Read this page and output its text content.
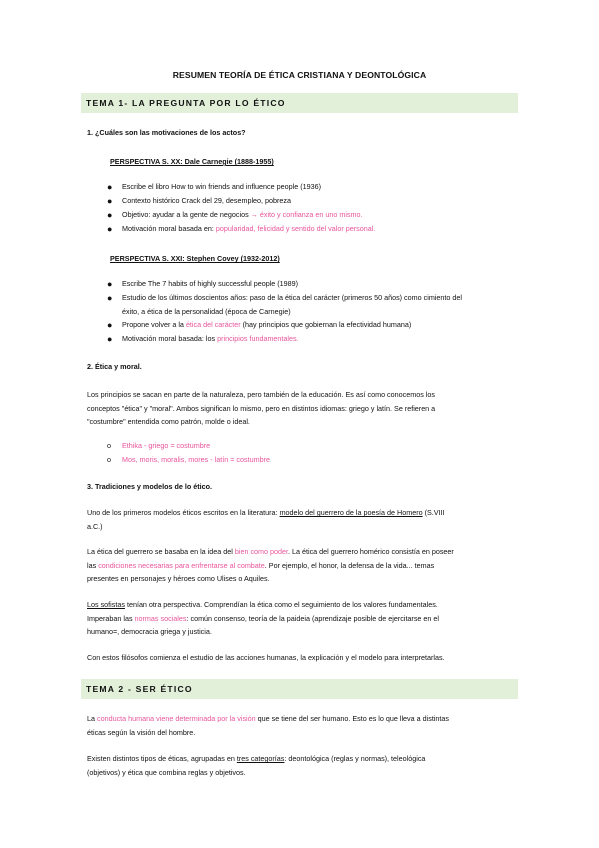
RESUMEN TEORÍA DE ÉTICA CRISTIANA Y DEONTOLÓGICA
TEMA 1- LA PREGUNTA POR LO ÉTICO
1. ¿Cuáles son las motivaciones de los actos?
PERSPECTIVA S. XX: Dale Carnegie (1888-1955)
● Escribe el libro How to win friends and influence people (1936)
● Contexto histórico Crack del 29, desempleo, pobreza
● Objetivo: ayudar a la gente de negocios → éxito y confianza en uno mismo.
● Motivación moral basada en: popularidad, felicidad y sentido del valor personal.
PERSPECTIVA S. XXI: Stephen Covey (1932-2012)
● Escribe The 7 habits of highly successful people (1989)
● Estudio de los últimos doscientos años: paso de la ética del carácter (primeros 50 años) como cimiento del
éxito, a ética de la personalidad (época de Carnegie)
● Propone volver a la ética del carácter (hay principios que gobiernan la efectividad humana)
● Motivación moral basada: los principios fundamentales.
2. Ética y moral.
Los principios se sacan en parte de la naturaleza, pero también de la educación. Es así como conocemos los
conceptos "ética" y "moral". Ambos significan lo mismo, pero en distintos idiomas: griego y latín. Se refieren a
"costumbre" entendida como patrón, molde o ideal.
o Ethika - griego = costumbre
o Mos, moris, moralis, mores - latín = costumbre
3. Tradiciones y modelos de lo ético.
Uno de los primeros modelos éticos escritos en la literatura: modelo del guerrero de la poesía de Homero (S.VIII
a.C.)
La ética del guerrero se basaba en la idea del bien como poder. La ética del guerrero homérico consistía en poseer
las condiciones necesarias para enfrentarse al combate. Por ejemplo, el honor, la defensa de la vida... temas
presentes en personajes y héroes como Ulises o Aquiles.
Los sofistas tenían otra perspectiva. Comprendían la ética como el seguimiento de los valores fundamentales.
Imperaban las normas sociales: común consenso, teoría de la paideia (aprendizaje posible de ejercitarse en el
humano=, democracia griega y justicia.
Con estos filósofos comienza el estudio de las acciones humanas, la explicación y el modelo para interpretarlas.
TEMA 2 - SER ÉTICO
La conducta humana viene determinada por la visión que se tiene del ser humano. Esto es lo que lleva a distintas
éticas según la visión del hombre.
Existen distintos tipos de éticas, agrupadas en tres categorías: deontológica (reglas y normas), teleológica
(objetivos) y ética que combina reglas y objetivos.
